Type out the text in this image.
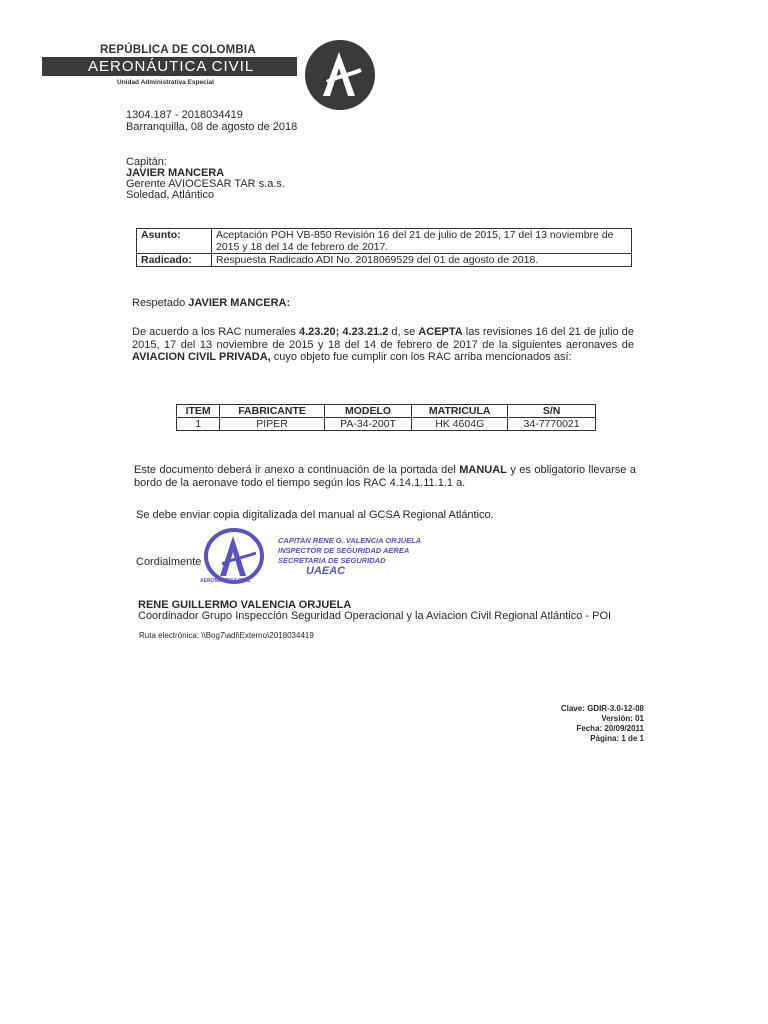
REPÚBLICA DE COLOMBIA
AERONÁUTICA CIVIL
Unidad Administrativa Especial
1304.187 - 2018034419
Barranquilla, 08 de agosto de 2018
Capitán:
JAVIER MANCERA
Gerente AVIOCESAR TAR s.a.s.
Soledad, Atlántico
Asunto:	Aceptación POH VB-850 Revisión 16 del 21 de julio de 2015, 17 del 13 noviembre de 2015 y 18 del 14 de febrero de 2017.
Radicado:	Respuesta Radicado ADI No. 2018069529 del 01 de agosto de 2018.
Respetado JAVIER MANCERA:
De acuerdo a los RAC numerales 4.23.20; 4.23.21.2 d, se ACEPTA las revisiones 16 del 21 de julio de 2015, 17 del 13 noviembre de 2015 y 18 del 14 de febrero de 2017 de la siguientes aeronaves de AVIACION CIVIL PRIVADA, cuyo objeto fue cumplir con los RAC arriba mencionados así:
ITEM	FABRICANTE	MODELO	MATRICULA	S/N
1	PIPER	PA-34-200T	HK 4604G	34-7770021
Este documento deberá ir anexo a continuación de la portada del MANUAL y es obligatorio llevarse a bordo de la aeronave todo el tiempo según los RAC 4.14.1.11.1.1 a.
Se debe enviar copia digitalizada del manual al GCSA Regional Atlántico.
Cordialmente
CAPITAN RENE G. VALENCIA ORJUELA
INSPECTOR DE SEGURIDAD AEREA
SECRETARIA DE SEGURIDAD
UAEAC
AERONÁUTICA CIVIL
RENE GUILLERMO VALENCIA ORJUELA
Coordinador Grupo Inspección Seguridad Operacional y la Aviacion Civil Regional Atlántico - POI
Ruta electrónica: \\Bog7\adi\Externo\2018034419
Clave: GDIR-3.0-12-08
Versión: 01
Fecha: 20/09/2011
Página: 1 de 1
